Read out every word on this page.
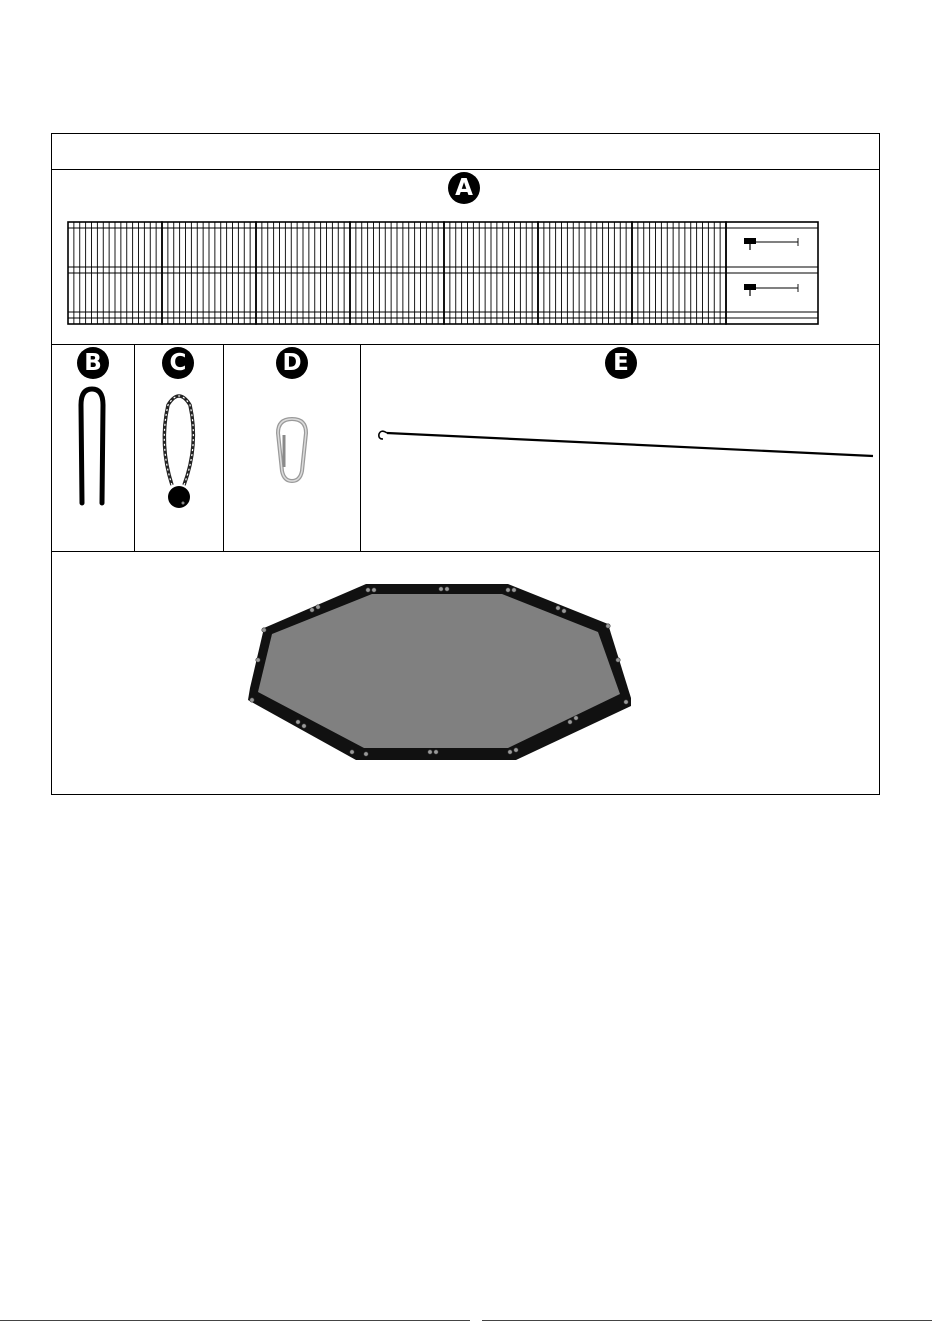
A
B	C	D	E
